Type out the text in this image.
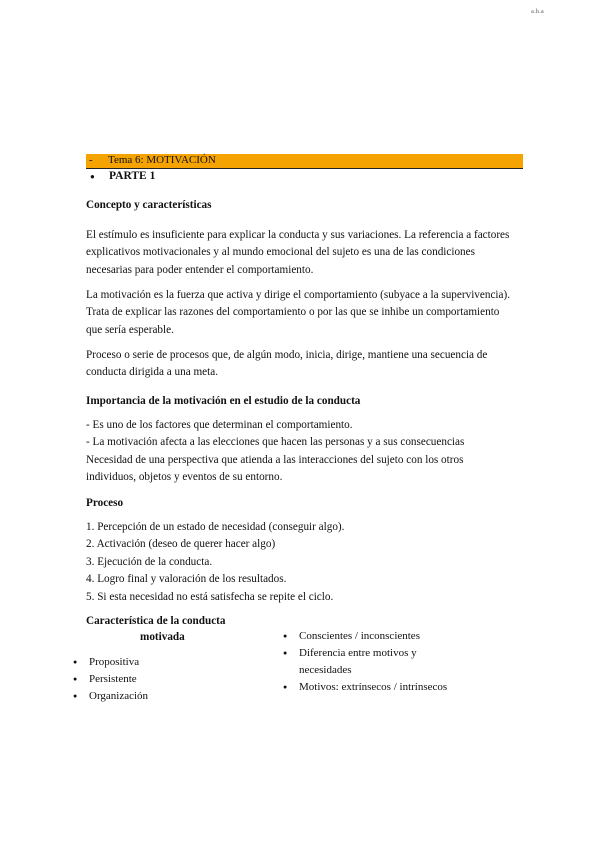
a.h.a
- Tema 6: MOTIVACIÓN
● PARTE 1
Concepto y características
El estímulo es insuficiente para explicar la conducta y sus variaciones. La referencia a factores
explicativos motivacionales y al mundo emocional del sujeto es una de las condiciones
necesarias para poder entender el comportamiento.
La motivación es la fuerza que activa y dirige el comportamiento (subyace a la supervivencia).
Trata de explicar las razones del comportamiento o por las que se inhibe un comportamiento
que sería esperable.
Proceso o serie de procesos que, de algún modo, inicia, dirige, mantiene una secuencia de
conducta dirigida a una meta.
Importancia de la motivación en el estudio de la conducta
- Es uno de los factores que determinan el comportamiento.
- La motivación afecta a las elecciones que hacen las personas y a sus consecuencias
Necesidad de una perspectiva que atienda a las interacciones del sujeto con los otros
individuos, objetos y eventos de su entorno.
Proceso
1. Percepción de un estado de necesidad (conseguir algo).
2. Activación (deseo de querer hacer algo)
3. Ejecución de la conducta.
4. Logro final y valoración de los resultados.
5. Si esta necesidad no está satisfecha se repite el ciclo.
Característica de la conducta
motivada
● Propositiva
● Persistente
● Organización
● Conscientes / inconscientes
● Diferencia entre motivos y
necesidades
● Motivos: extrínsecos / intrínsecos
